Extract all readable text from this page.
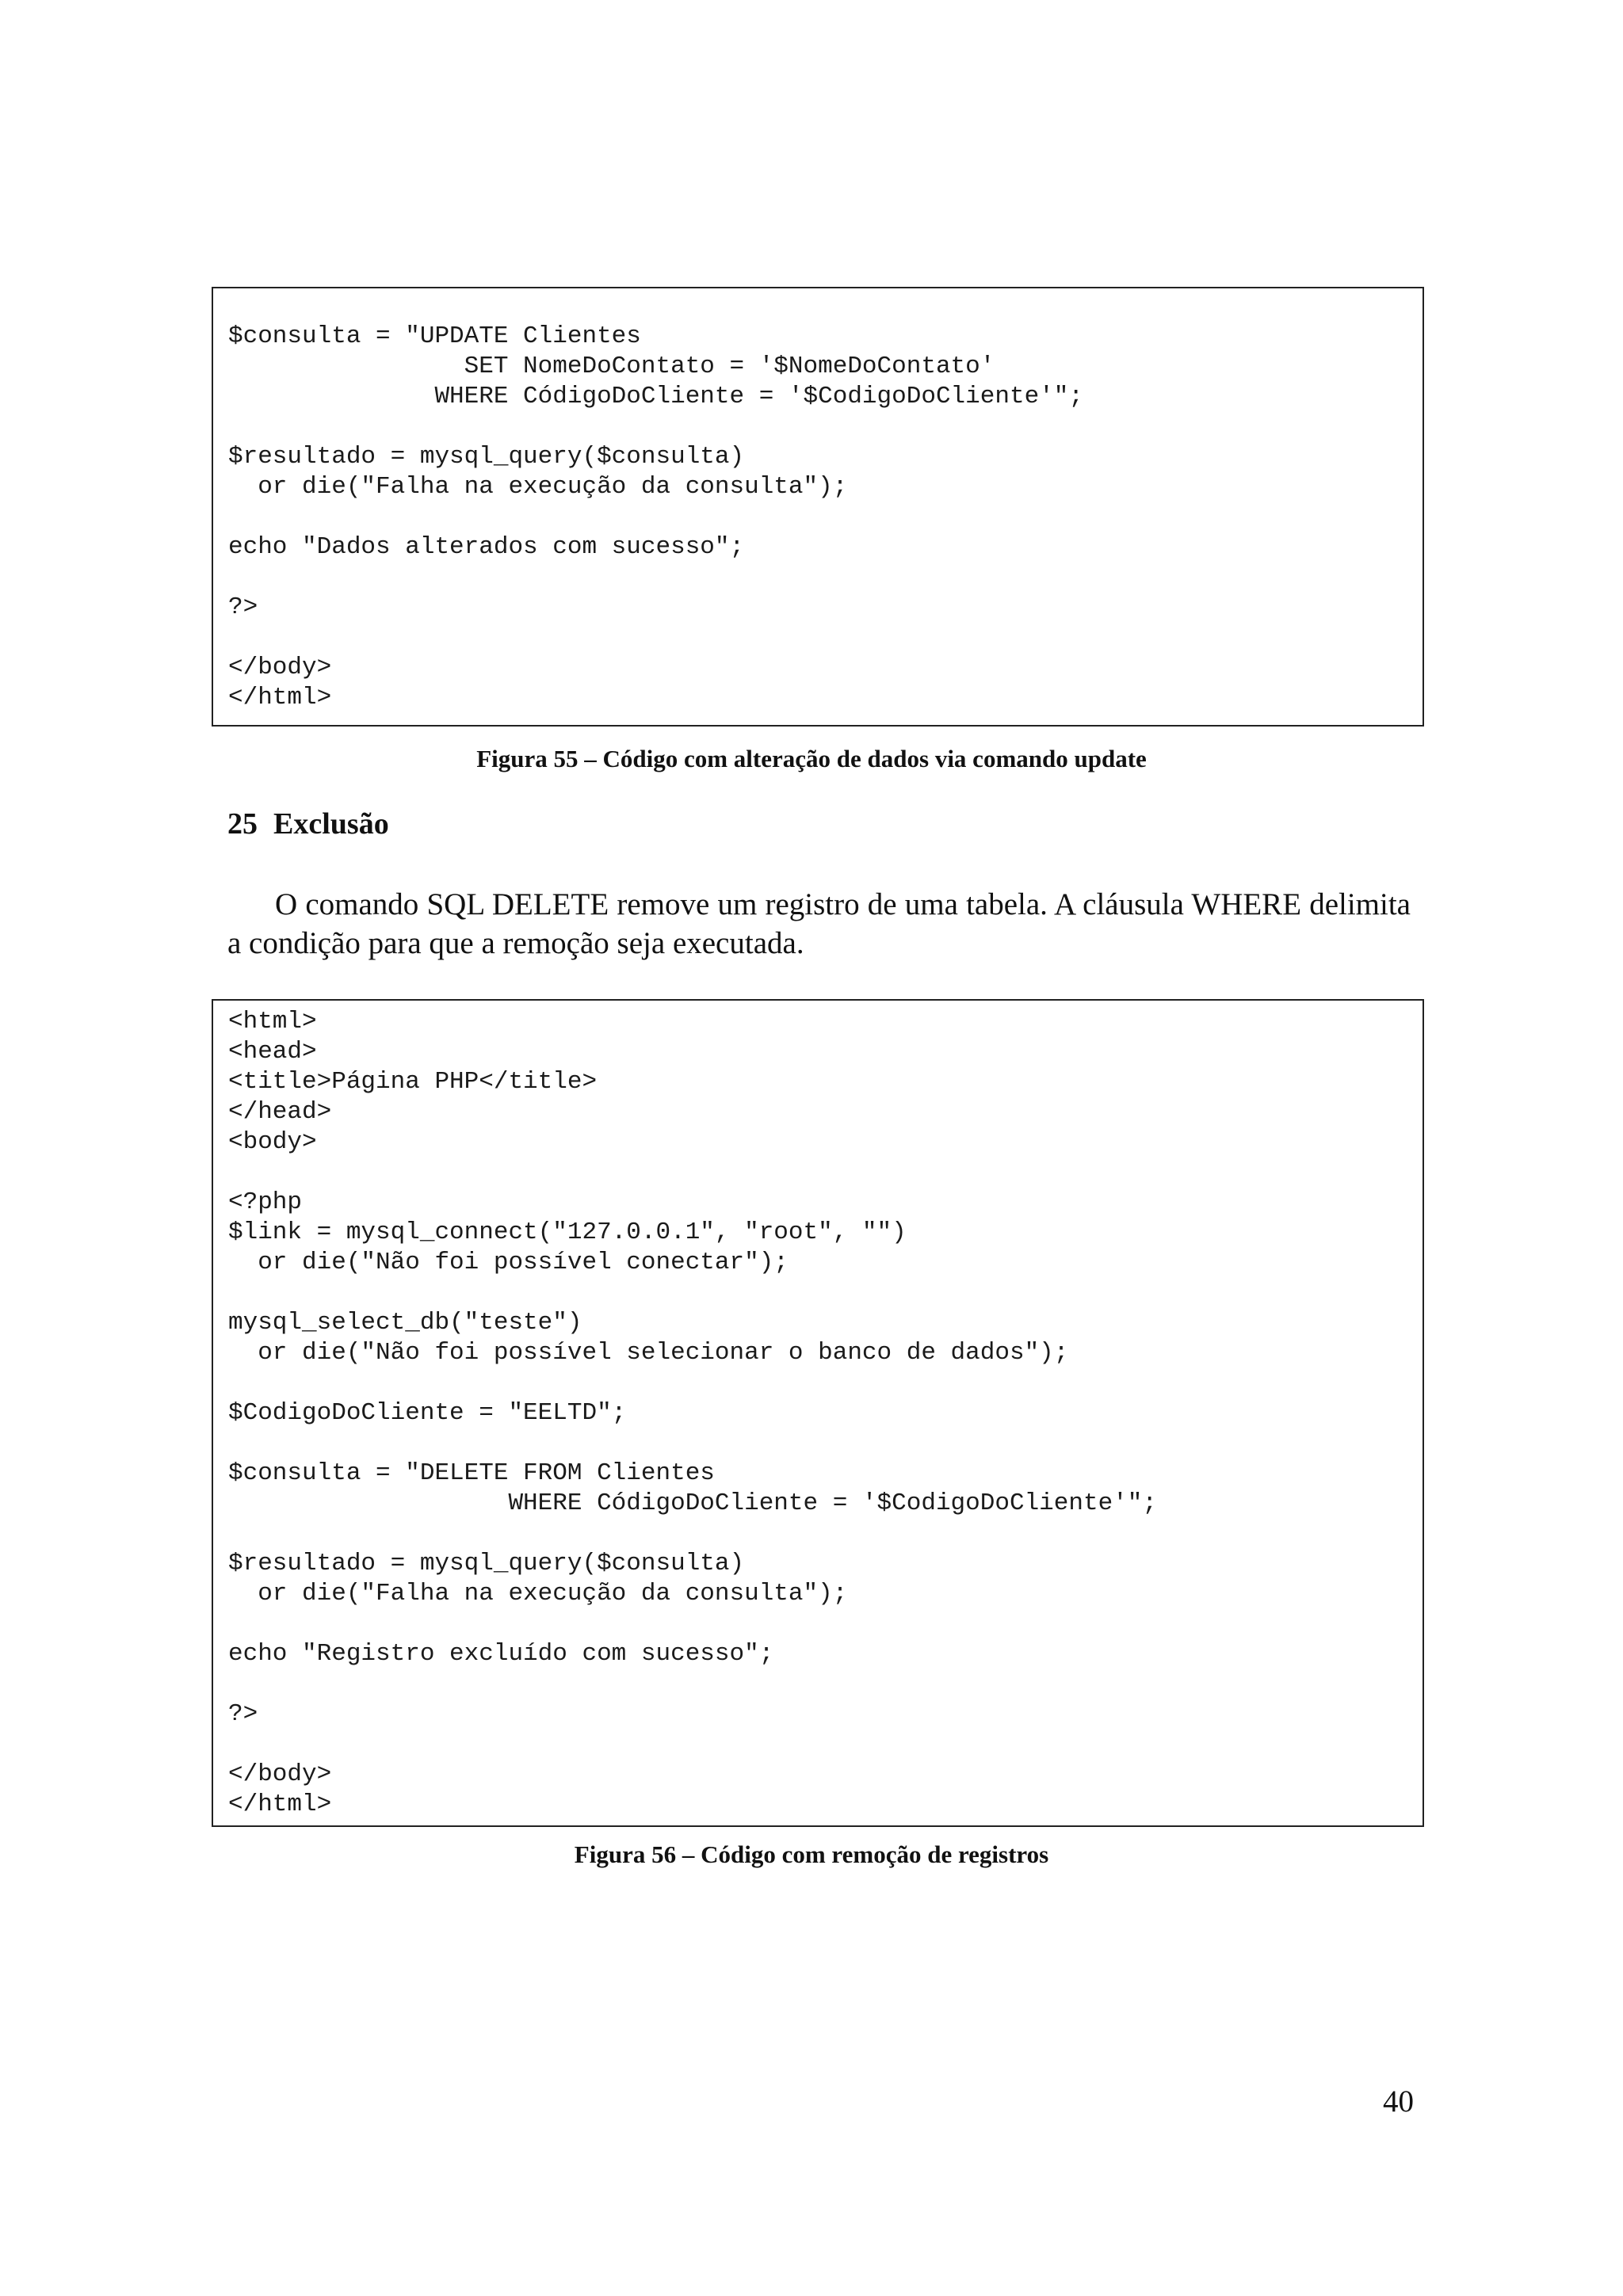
$consulta = "UPDATE Clientes
SET NomeDoContato = '$NomeDoContato'
WHERE CódigoDoCliente = '$CodigoDoCliente'";

$resultado = mysql_query($consulta)
or die("Falha na execução da consulta");

echo "Dados alterados com sucesso";

?>

</body>
</html>
Figura 55 – Código com alteração de dados via comando update
25 Exclusão
O comando SQL DELETE remove um registro de uma tabela. A cláusula WHERE delimita a condição para que a remoção seja executada.
<html>
<head>
<title>Página PHP</title>
</head>
<body>

<?php
$link = mysql_connect("127.0.0.1", "root", "")
or die("Não foi possível conectar");

mysql_select_db("teste")
or die("Não foi possível selecionar o banco de dados");

$CodigoDoCliente = "EELTD";

$consulta = "DELETE FROM Clientes
WHERE CódigoDoCliente = '$CodigoDoCliente'";

$resultado = mysql_query($consulta)
or die("Falha na execução da consulta");

echo "Registro excluído com sucesso";

?>

</body>
</html>
Figura 56 – Código com remoção de registros
40
